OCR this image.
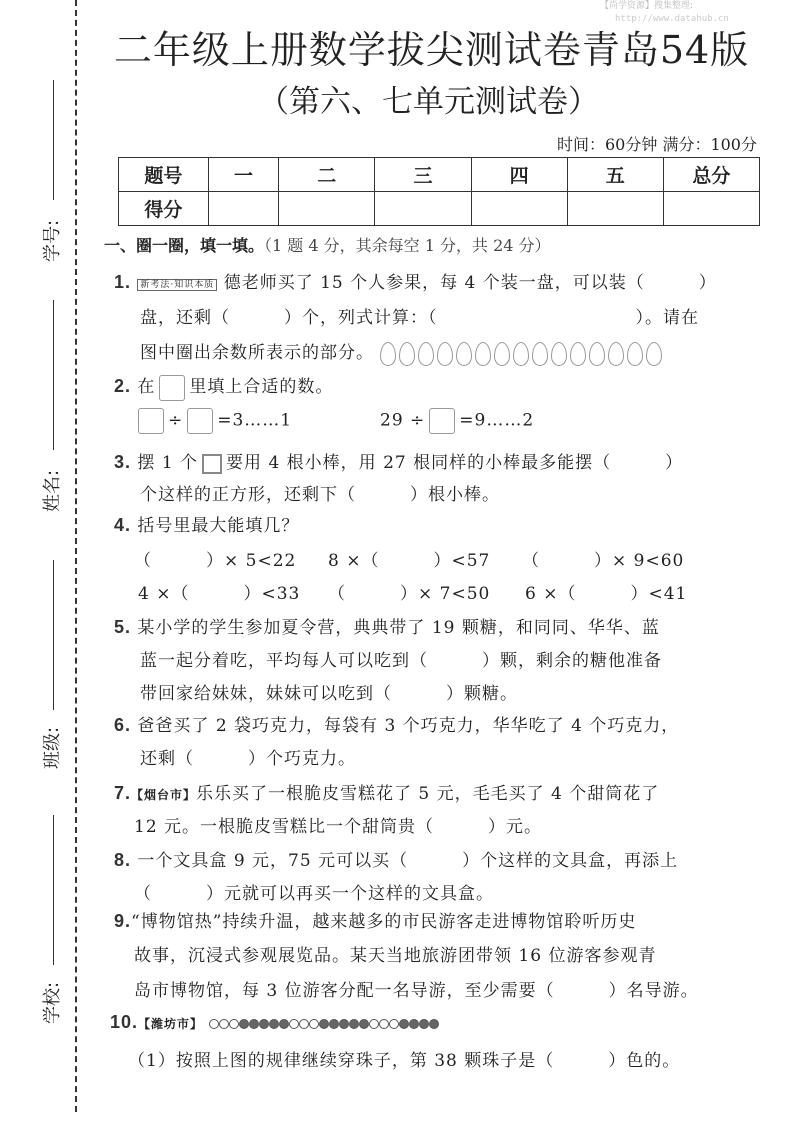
【尚学资源】搜集整理:
http://www.datahub.cn
学号:
姓名:
班级:
学校:
二年级上册数学拔尖测试卷青岛54版
（第六、七单元测试卷）
时间：60分钟 满分：100分
题号	一	二	三	四	五	总分
得分						
一、圈一圈，填一填。（1 题 4 分，其余每空 1 分，共 24 分）
1. 新考法·知识本质 德老师买了 15 个人参果，每 4 个装一盘，可以装（　　　）
盘，还剩（　　　）个，列式计算：（　　　　　　　　　　　）。请在
图中圈出余数所表示的部分。
2. 在 里填上合适的数。
÷ =3……1	29 ÷ =9……2
3. 摆 1 个 要用 4 根小棒，用 27 根同样的小棒最多能摆（　　　）
个这样的正方形，还剩下（　　　）根小棒。
4. 括号里最大能填几？
（　　　）× 5<22 8 ×（　　　）<57 （　　　）× 9<60
4 ×（　　　）<33 （　　　）× 7<50 6 ×（　　　）<41
5. 某小学的学生参加夏令营，典典带了 19 颗糖，和同同、华华、蓝
蓝一起分着吃，平均每人可以吃到（　　　）颗，剩余的糖他准备
带回家给妹妹，妹妹可以吃到（　　　）颗糖。
6. 爸爸买了 2 袋巧克力，每袋有 3 个巧克力，华华吃了 4 个巧克力，
还剩（　　　）个巧克力。
7.【烟台市】乐乐买了一根脆皮雪糕花了 5 元，毛毛买了 4 个甜筒花了
12 元。一根脆皮雪糕比一个甜筒贵（　　　）元。
8. 一个文具盒 9 元，75 元可以买（　　　）个这样的文具盒，再添上
（　　　）元就可以再买一个这样的文具盒。
9.“博物馆热”持续升温，越来越多的市民游客走进博物馆聆听历史
故事，沉浸式参观展览品。某天当地旅游团带领 16 位游客参观青
岛市博物馆，每 3 位游客分配一名导游，至少需要（　　　）名导游。
10.【潍坊市】
（1）按照上图的规律继续穿珠子，第 38 颗珠子是（　　　）色的。
